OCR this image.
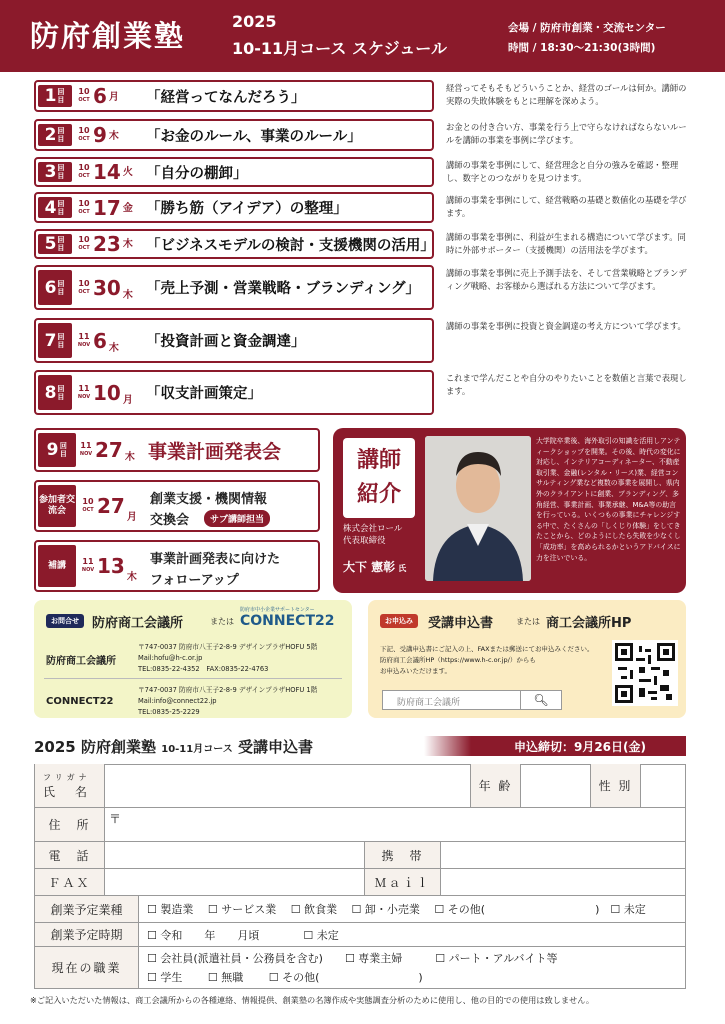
防府創業塾	2025
10-11月コース スケジュール
会場 / 防府市創業・交流センター
時間 / 18:30〜21:30(3時間)
1 回目
10
OCT 6 月 「経営ってなんだろう」
経営ってそもそもどういうことか、経営のゴールは何か。講師の実際の失敗体験をもとに理解を深めよう。
2 回目
10
OCT 9 木 「お金のルール、事業のルール」
お金との付き合い方、事業を行う上で守らなければならないルールを講師の事業を事例に学びます。
3 回目
10
OCT 14 火 「自分の棚卸」
講師の事業を事例にして、経営理念と自分の強みを確認・整理し、数字とのつながりを見つけます。
4 回目
10
OCT 17 金 「勝ち筋（アイデア）の整理」
講師の事業を事例にして、経営戦略の基礎と数値化の基礎を学びます。
5 回目
10
OCT 23 木 「ビジネスモデルの検討・支援機関の活用」
講師の事業を事例に、利益が生まれる構造について学びます。同時に外部サポーター（支援機関）の活用法を学びます。
6 回目
10
OCT 30 木 「売上予測・営業戦略・ブランディング」
講師の事業を事例に売上予測手法を、そして営業戦略とブランディング戦略、お客様から選ばれる方法について学びます。
7 回目
11
NOV 6 木 「投資計画と資金調達」
講師の事業を事例に投資と資金調達の考え方について学びます。
8 回目
11
NOV 10 月 「収支計画策定」
これまで学んだことや自分のやりたいことを数値と言葉で表現します。
9 回目
11
NOV 27 木 事業計画発表会
参加者交流会
10
OCT 27 月
創業支援・機関情報
交換会	サブ講師担当
補講	11
NOV 13 木
事業計画発表に向けた
フォローアップ
講師
紹介
株式会社ロール
代表取締役
大下 憲彰 氏
大学院卒業後、海外取引の知識を活用しアンティークショップを開業。その後、時代の変化に対応し、インテリアコーディネーター、不動産取引業、金融(レンタル・リース)業、経営コンサルティング業など複数の事業を展開し、県内外のクライアントに創業、ブランディング、多角経営、事業計画、事業承継、M&A等の助言を行っている。いくつもの事業にチャレンジする中で、たくさんの「しくじり体験」をしてきたことから、どのようにしたら失敗を少なくし「成功率」を高められるかというアドバイスに力を注いでいる。
お問合せ	防府商工会議所	または
防府市中小企業サポートセンター
CONNECT22
防府商工会議所
〒747-0037 防府市八王子2-8-9 デザインプラザHOFU 5階
Mail:hofu@h-c.or.jp
TEL:0835-22-4352　FAX:0835-22-4763
CONNECT22
〒747-0037 防府市八王子2-8-9 デザインプラザHOFU 1階
Mail:info@connect22.jp
TEL:0835-25-2229
お申込み	受講申込書	または 商工会議所HP
下記、受講申込書にご記入の上、FAXまたは郵送にてお申込みください。
防府商工会議所HP（https://www.h-c.or.jp/）からも
お申込みいただけます。
防府商工会議所	🔍︎
2025 防府創業塾 10-11月コース 受講申込書	申込締切：9月26日(金)
フリガナ
氏　名	年 齢	性 別
住　所	〒
電　話	携　帯
ＦＡＸ	Ｍａｉｌ
創業予定業種	☐ 製造業　 ☐ サービス業　 ☐ 飲食業　 ☐ 卸・小売業　 ☐ その他(　　　　　　　　　　)　☐ 未定
創業予定時期	☐ 令和　　年　　月頃　　　　☐ 未定
現在の職業
☐ 会社員(派遣社員・公務員を含む)　　☐ 専業主婦　　　☐ パート・アルバイト等
☐ 学生　　 ☐ 無職　　 ☐ その他(　　　　　　　　　)
※ご記入いただいた情報は、商工会議所からの各種連絡、情報提供、創業塾の名簿作成や実態調査分析のために使用し、他の目的での使用は致しません。
